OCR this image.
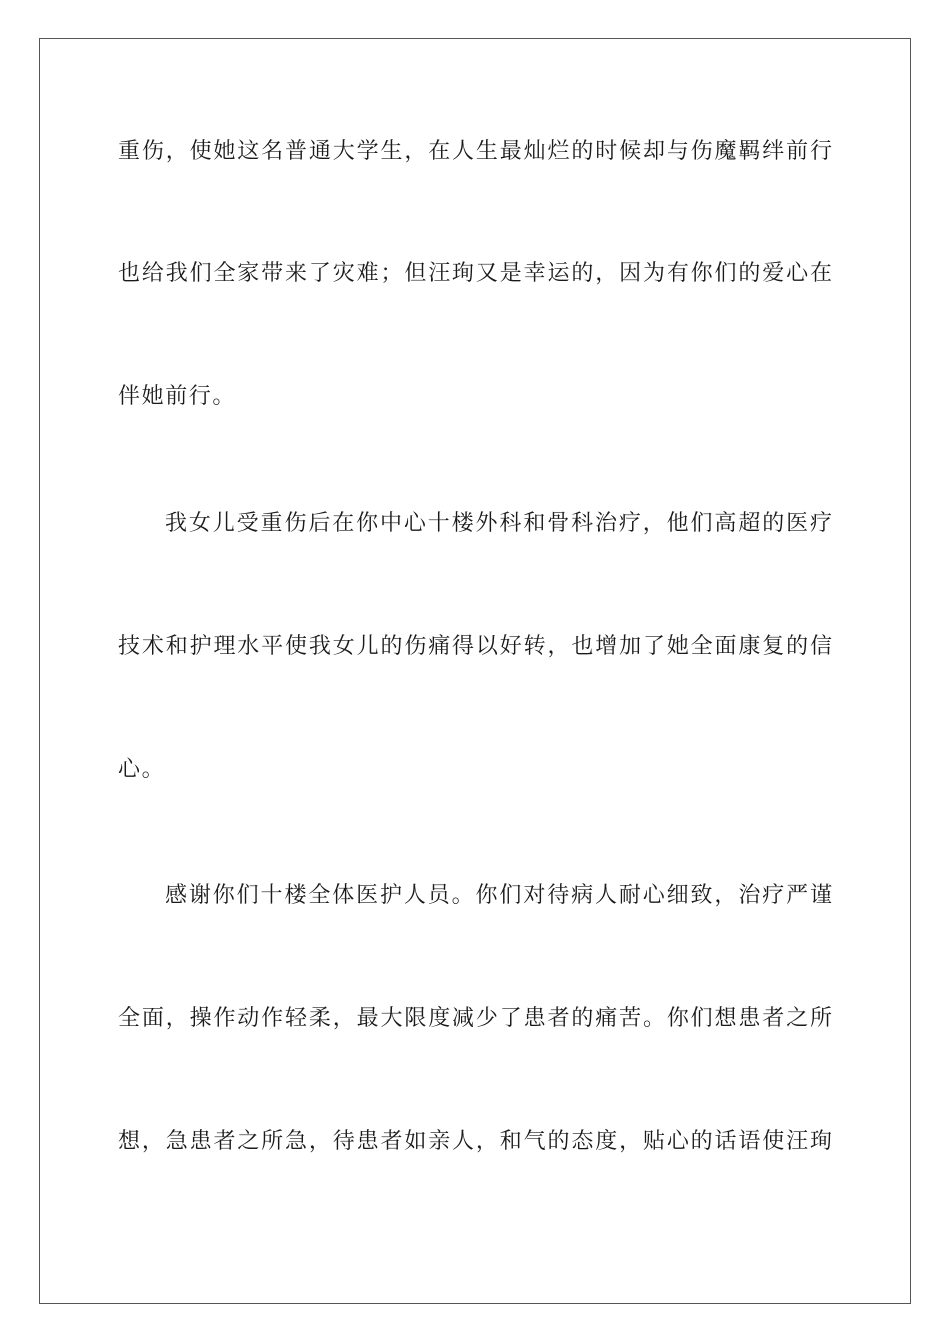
重伤，使她这名普通大学生，在人生最灿烂的时候却与伤魔羁绊前行
也给我们全家带来了灾难；但汪珣又是幸运的，因为有你们的爱心在
伴她前行。
我女儿受重伤后在你中心十楼外科和骨科治疗，他们高超的医疗
技术和护理水平使我女儿的伤痛得以好转，也增加了她全面康复的信
心。
感谢你们十楼全体医护人员。你们对待病人耐心细致，治疗严谨
全面，操作动作轻柔，最大限度减少了患者的痛苦。你们想患者之所
想，急患者之所急，待患者如亲人，和气的态度，贴心的话语使汪珣
